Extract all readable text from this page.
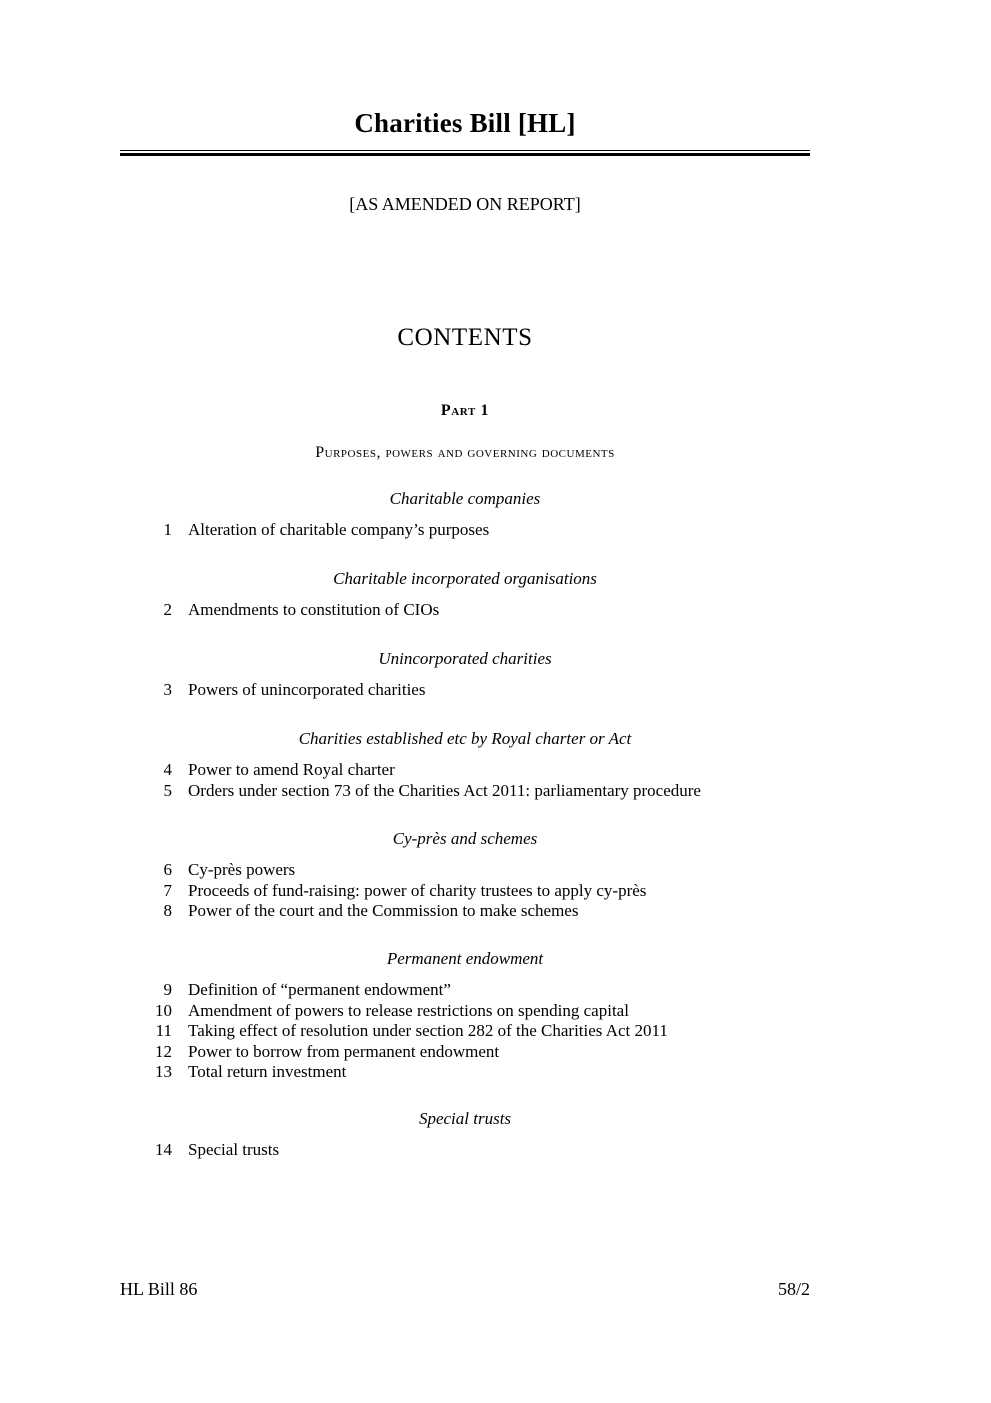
Charities Bill [HL]
[AS AMENDED ON REPORT]
CONTENTS
Part 1
Purposes, powers and governing documents
Charitable companies
1 Alteration of charitable company’s purposes
Charitable incorporated organisations
2 Amendments to constitution of CIOs
Unincorporated charities
3 Powers of unincorporated charities
Charities established etc by Royal charter or Act
4 Power to amend Royal charter
5 Orders under section 73 of the Charities Act 2011: parliamentary procedure
Cy-près and schemes
6 Cy-près powers
7 Proceeds of fund-raising: power of charity trustees to apply cy-près
8 Power of the court and the Commission to make schemes
Permanent endowment
9 Definition of “permanent endowment”
10 Amendment of powers to release restrictions on spending capital
11 Taking effect of resolution under section 282 of the Charities Act 2011
12 Power to borrow from permanent endowment
13 Total return investment
Special trusts
14 Special trusts
HL Bill 86	58/2
